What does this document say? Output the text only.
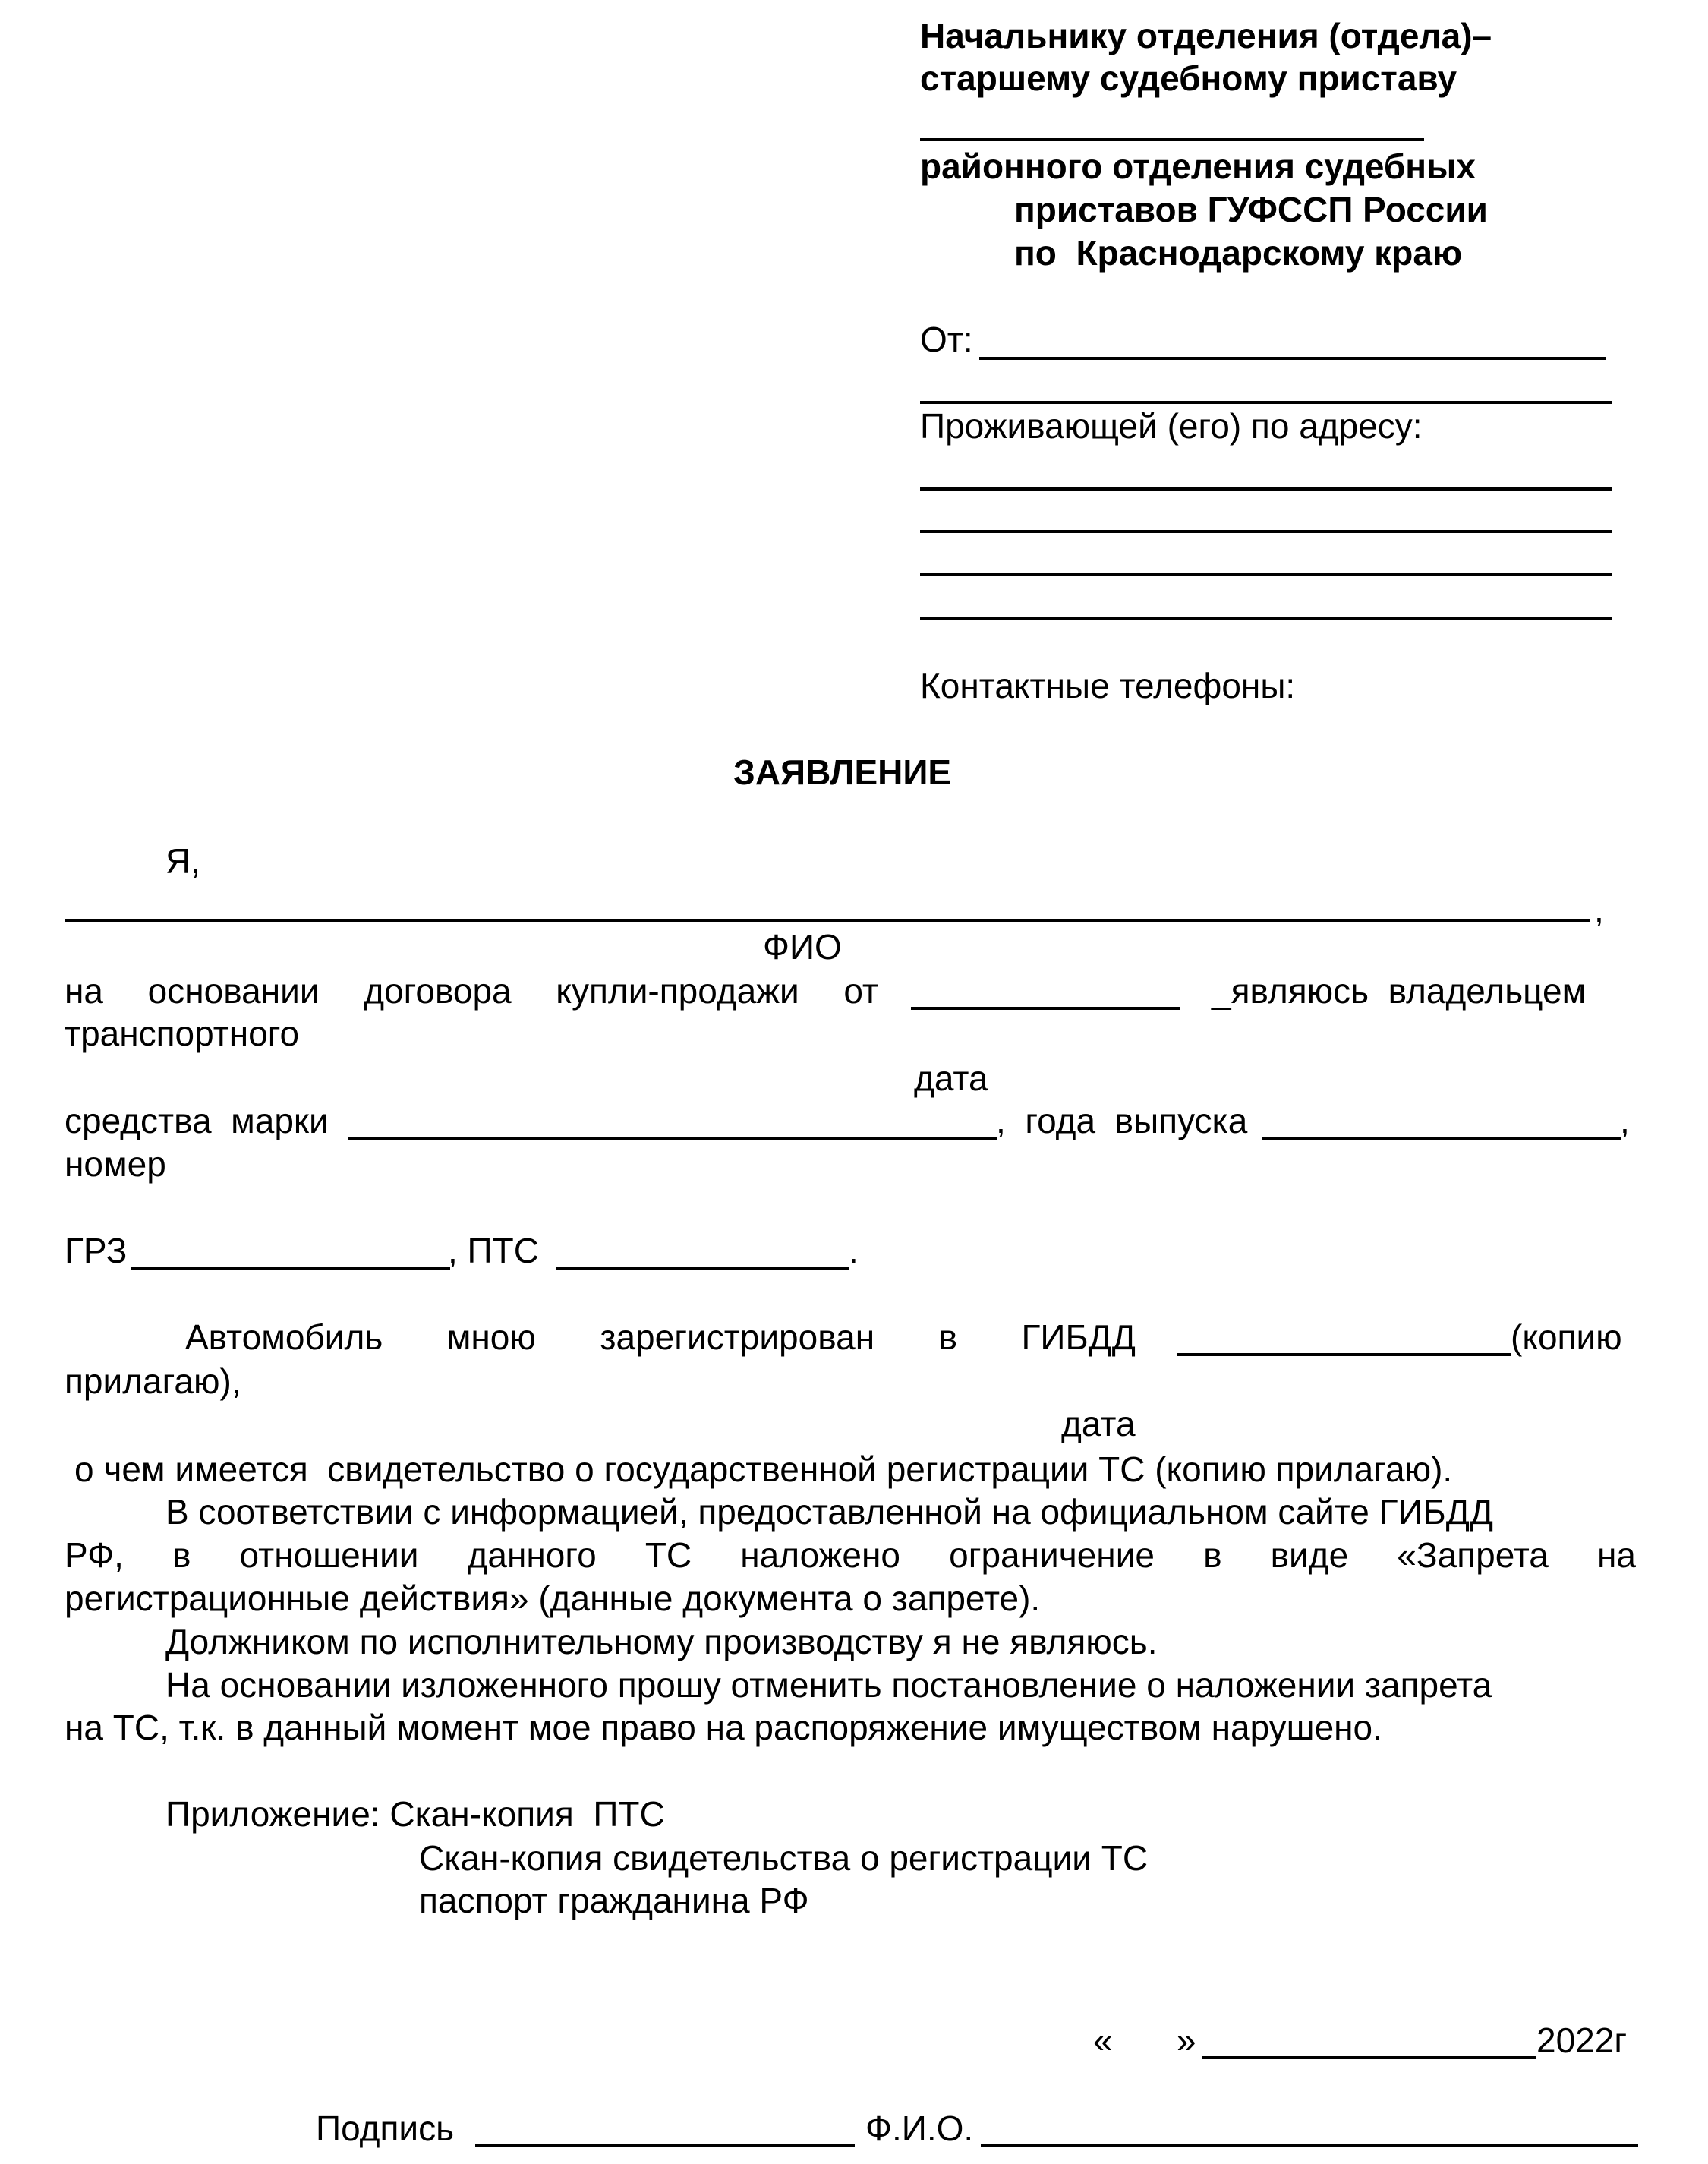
Начальнику отделения (отдела)–
старшему судебному приставу
районного отделения судебных
приставов ГУФССП России
по  Краснодарскому краю
От:
Проживающей (его) по адресу:
Контактные телефоны:
ЗАЯВЛЕНИЕ
Я,
,
ФИО
на основании договора купли-продажи от	_являюсь  владельцем
транспортного
дата
средства  марки	,  года  выпуска	,
номер
ГРЗ	, ПТС	.
Автомобиль мною зарегистрирован в ГИБДД	(копию
прилагаю),
дата
о чем имеется  свидетельство о государственной регистрации ТС (копию прилагаю).
В соответствии с информацией, предоставленной на официальном сайте ГИБДД
РФ, в отношении данного ТС наложено ограничение в виде «Запрета на
регистрационные действия» (данные документа о запрете).
Должником по исполнительному производству я не являюсь.
На основании изложенного прошу отменить постановление о наложении запрета
на ТС, т.к. в данный момент мое право на распоряжение имуществом нарушено.
Приложение: Скан-копия  ПТС
Скан-копия свидетельства о регистрации ТС
паспорт гражданина РФ
« »	2022г
Подпись	Ф.И.О.
